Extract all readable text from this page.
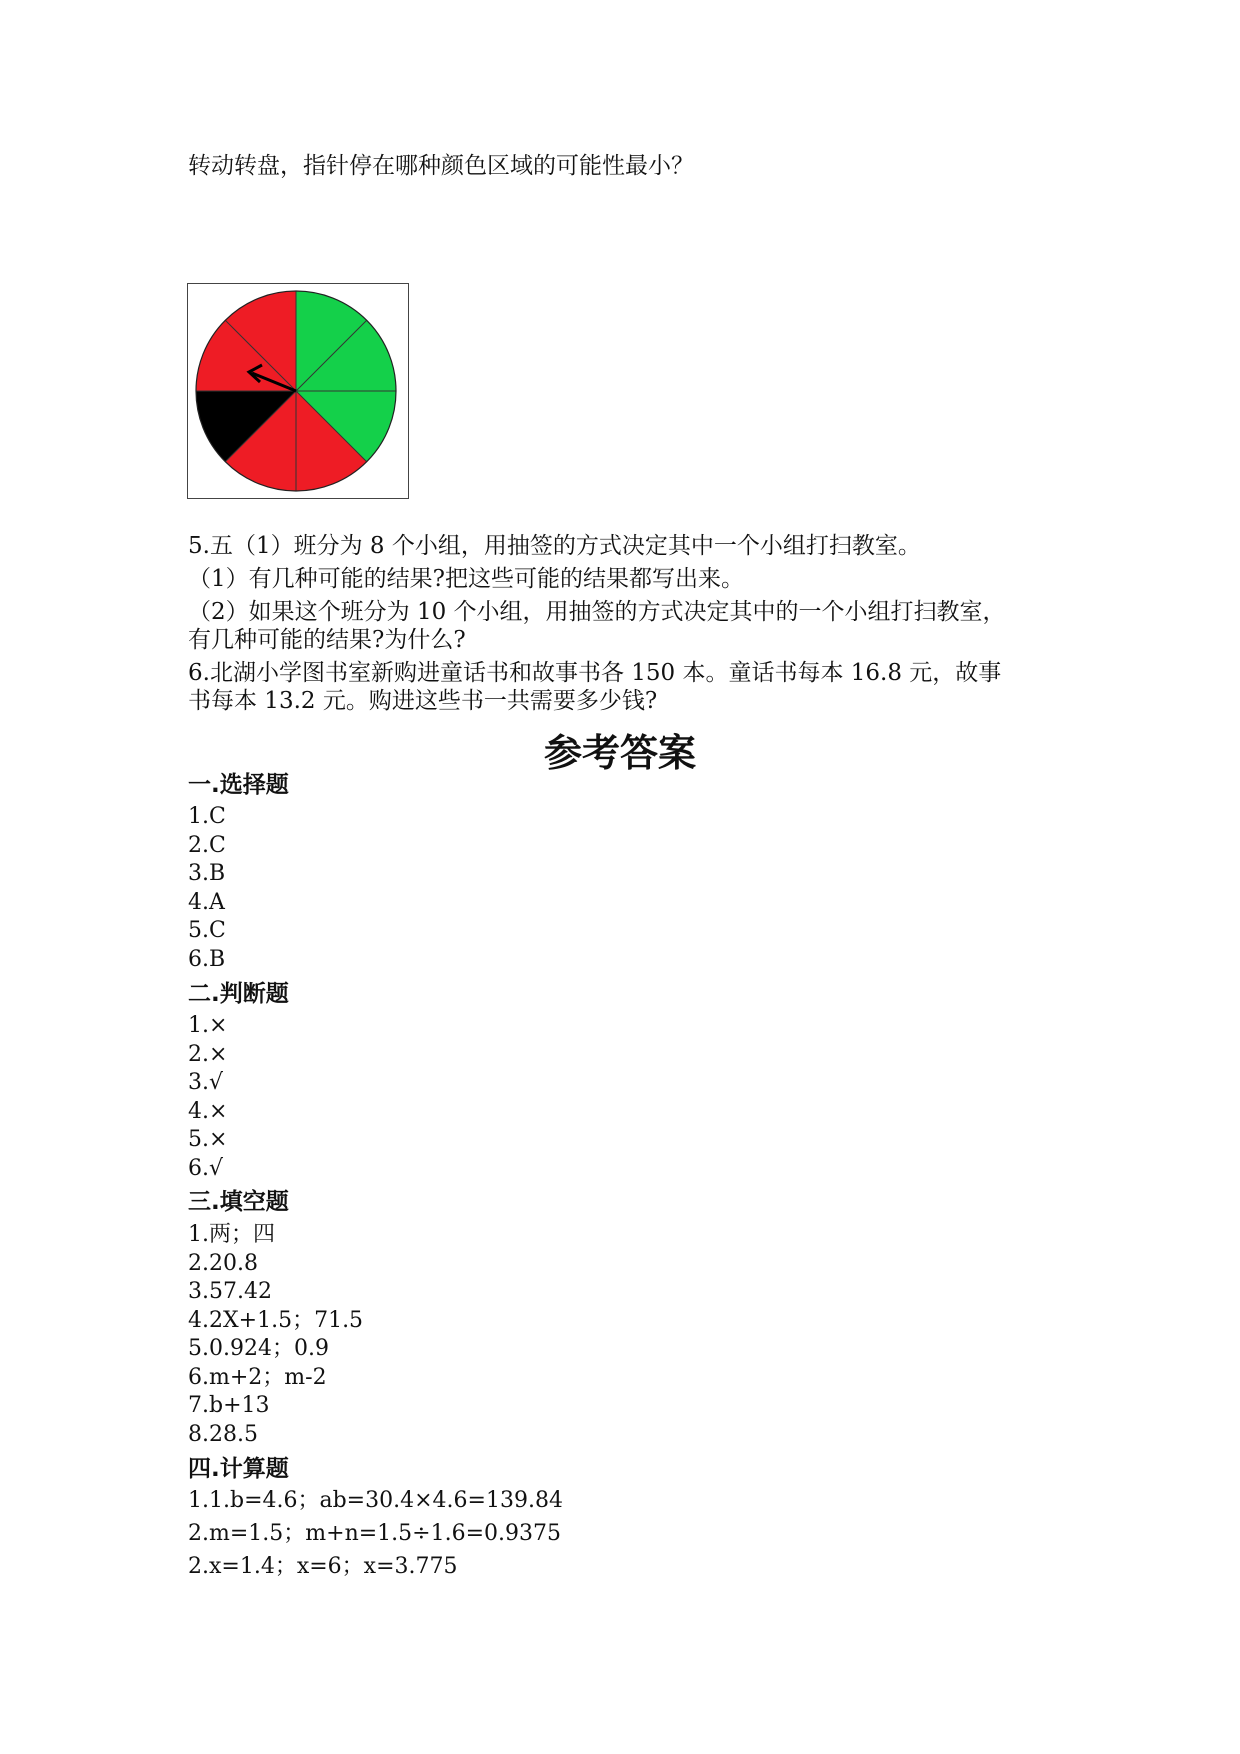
转动转盘，指针停在哪种颜色区域的可能性最小？
5.五（1）班分为 8 个小组，用抽签的方式决定其中一个小组打扫教室。
（1）有几种可能的结果?把这些可能的结果都写出来。
（2）如果这个班分为 10 个小组，用抽签的方式决定其中的一个小组打扫教室，
有几种可能的结果?为什么?
6.北湖小学图书室新购进童话书和故事书各 150 本。童话书每本 16.8 元，故事
书每本 13.2 元。购进这些书一共需要多少钱?
参考答案
一.选择题
1.C
2.C
3.B
4.A
5.C
6.B
二.判断题
1.×
2.×
3.√
4.×
5.×
6.√
三.填空题
1.两；四
2.20.8
3.57.42
4.2X+1.5；71.5
5.0.924；0.9
6.m+2；m-2
7.b+13
8.28.5
四.计算题
1.1.b=4.6；ab=30.4×4.6=139.84
2.m=1.5；m+n=1.5÷1.6=0.9375
2.x=1.4；x=6；x=3.775
